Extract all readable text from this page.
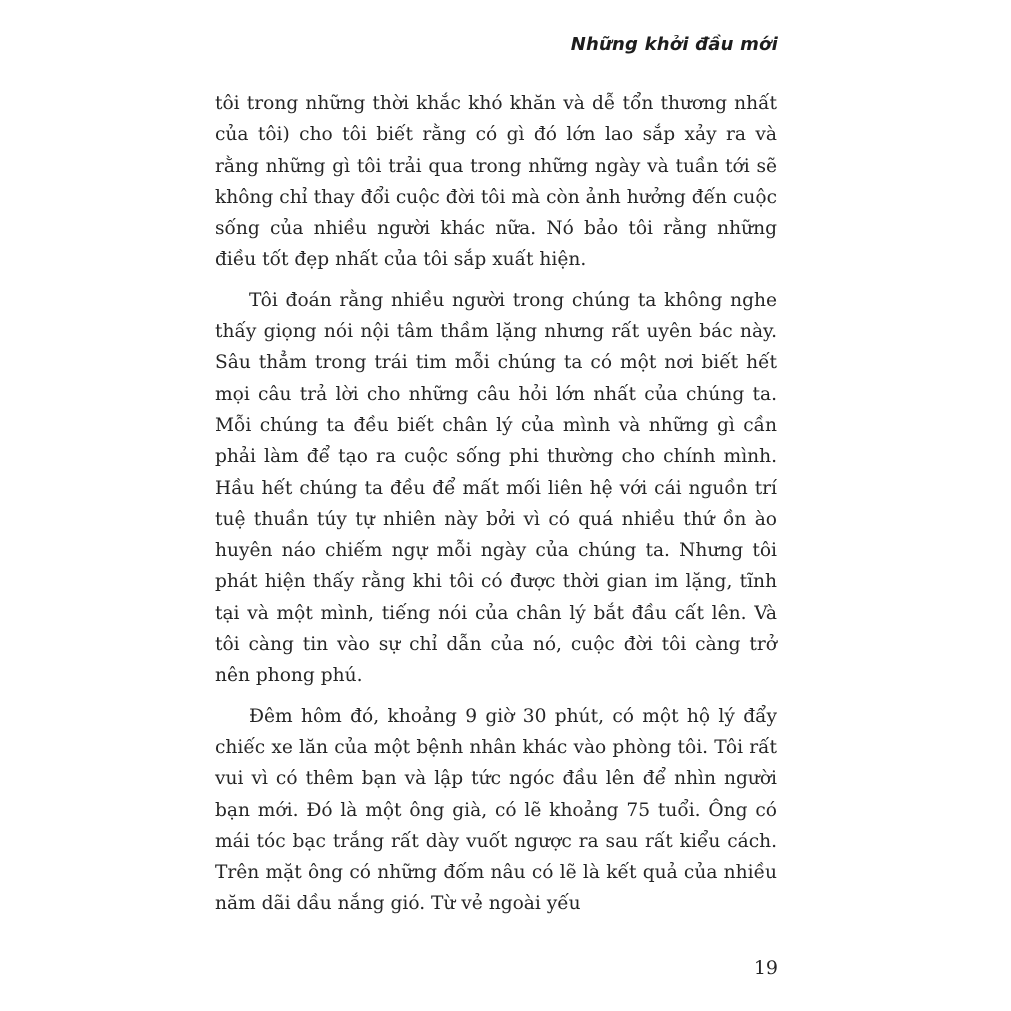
Những khởi đầu mới

tôi trong những thời khắc khó khăn và dễ tổn thương nhất của tôi) cho tôi biết rằng có gì đó lớn lao sắp xảy ra và rằng những gì tôi trải qua trong những ngày và tuần tới sẽ không chỉ thay đổi cuộc đời tôi mà còn ảnh hưởng đến cuộc sống của nhiều người khác nữa. Nó bảo tôi rằng những điều tốt đẹp nhất của tôi sắp xuất hiện.

Tôi đoán rằng nhiều người trong chúng ta không nghe thấy giọng nói nội tâm thầm lặng nhưng rất uyên bác này. Sâu thẳm trong trái tim mỗi chúng ta có một nơi biết hết mọi câu trả lời cho những câu hỏi lớn nhất của chúng ta. Mỗi chúng ta đều biết chân lý của mình và những gì cần phải làm để tạo ra cuộc sống phi thường cho chính mình. Hầu hết chúng ta đều để mất mối liên hệ với cái nguồn trí tuệ thuần túy tự nhiên này bởi vì có quá nhiều thứ ồn ào huyên náo chiếm ngự mỗi ngày của chúng ta. Nhưng tôi phát hiện thấy rằng khi tôi có được thời gian im lặng, tĩnh tại và một mình, tiếng nói của chân lý bắt đầu cất lên. Và tôi càng tin vào sự chỉ dẫn của nó, cuộc đời tôi càng trở nên phong phú.

Đêm hôm đó, khoảng 9 giờ 30 phút, có một hộ lý đẩy chiếc xe lăn của một bệnh nhân khác vào phòng tôi. Tôi rất vui vì có thêm bạn và lập tức ngóc đầu lên để nhìn người bạn mới. Đó là một ông già, có lẽ khoảng 75 tuổi. Ông có mái tóc bạc trắng rất dày vuốt ngược ra sau rất kiểu cách. Trên mặt ông có những đốm nâu có lẽ là kết quả của nhiều năm dãi dầu nắng gió. Từ vẻ ngoài yếu

19
